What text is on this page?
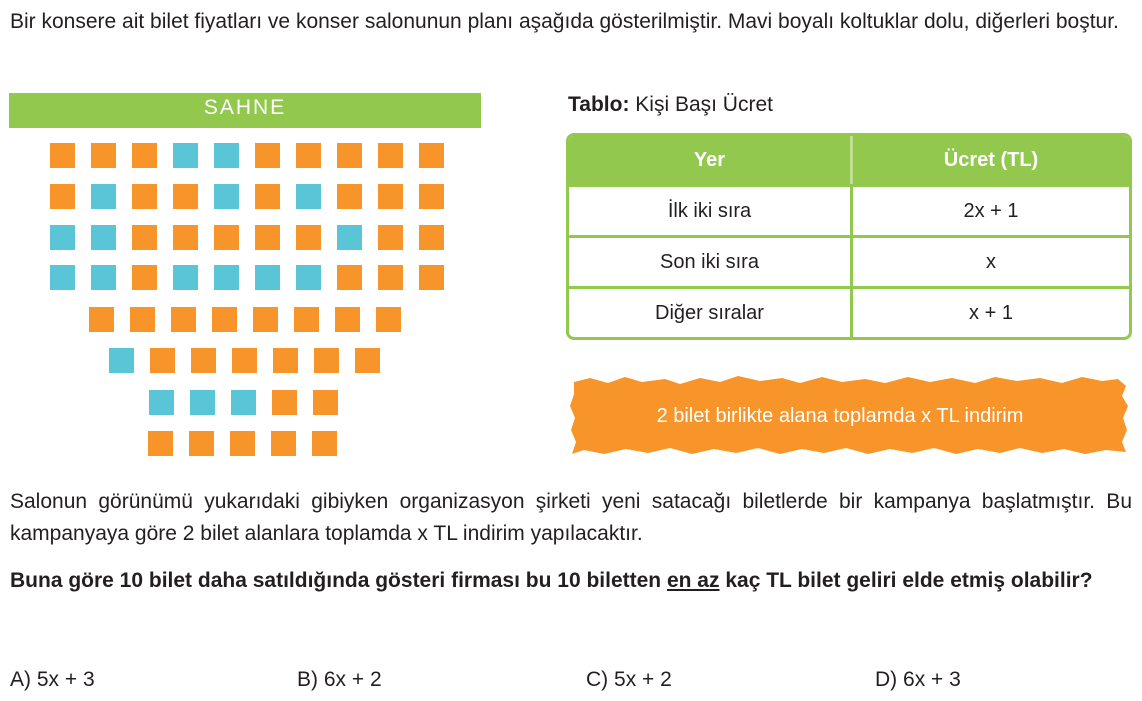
Bir konsere ait bilet fiyatları ve konser salonunun planı aşağıda gösterilmiştir. Mavi boyalı koltuklar dolu, diğerleri boştur.

SAHNE	Tablo: Kişi Başı Ücret
Yer	Ücret (TL)
İlk iki sıra	2x + 1
Son iki sıra	x
Diğer sıralar	x + 1
2 bilet birlikte alana toplamda x TL indirim

Salonun görünümü yukarıdaki gibiyken organizasyon şirketi yeni satacağı biletlerde bir kampanya başlatmıştır. Bu kampanyaya göre 2 bilet alanlara toplamda x TL indirim yapılacaktır.

Buna göre 10 bilet daha satıldığında gösteri firması bu 10 biletten en az kaç TL bilet geliri elde etmiş olabilir?

A) 5x + 3	B) 6x + 2	C) 5x + 2	D) 6x + 3
